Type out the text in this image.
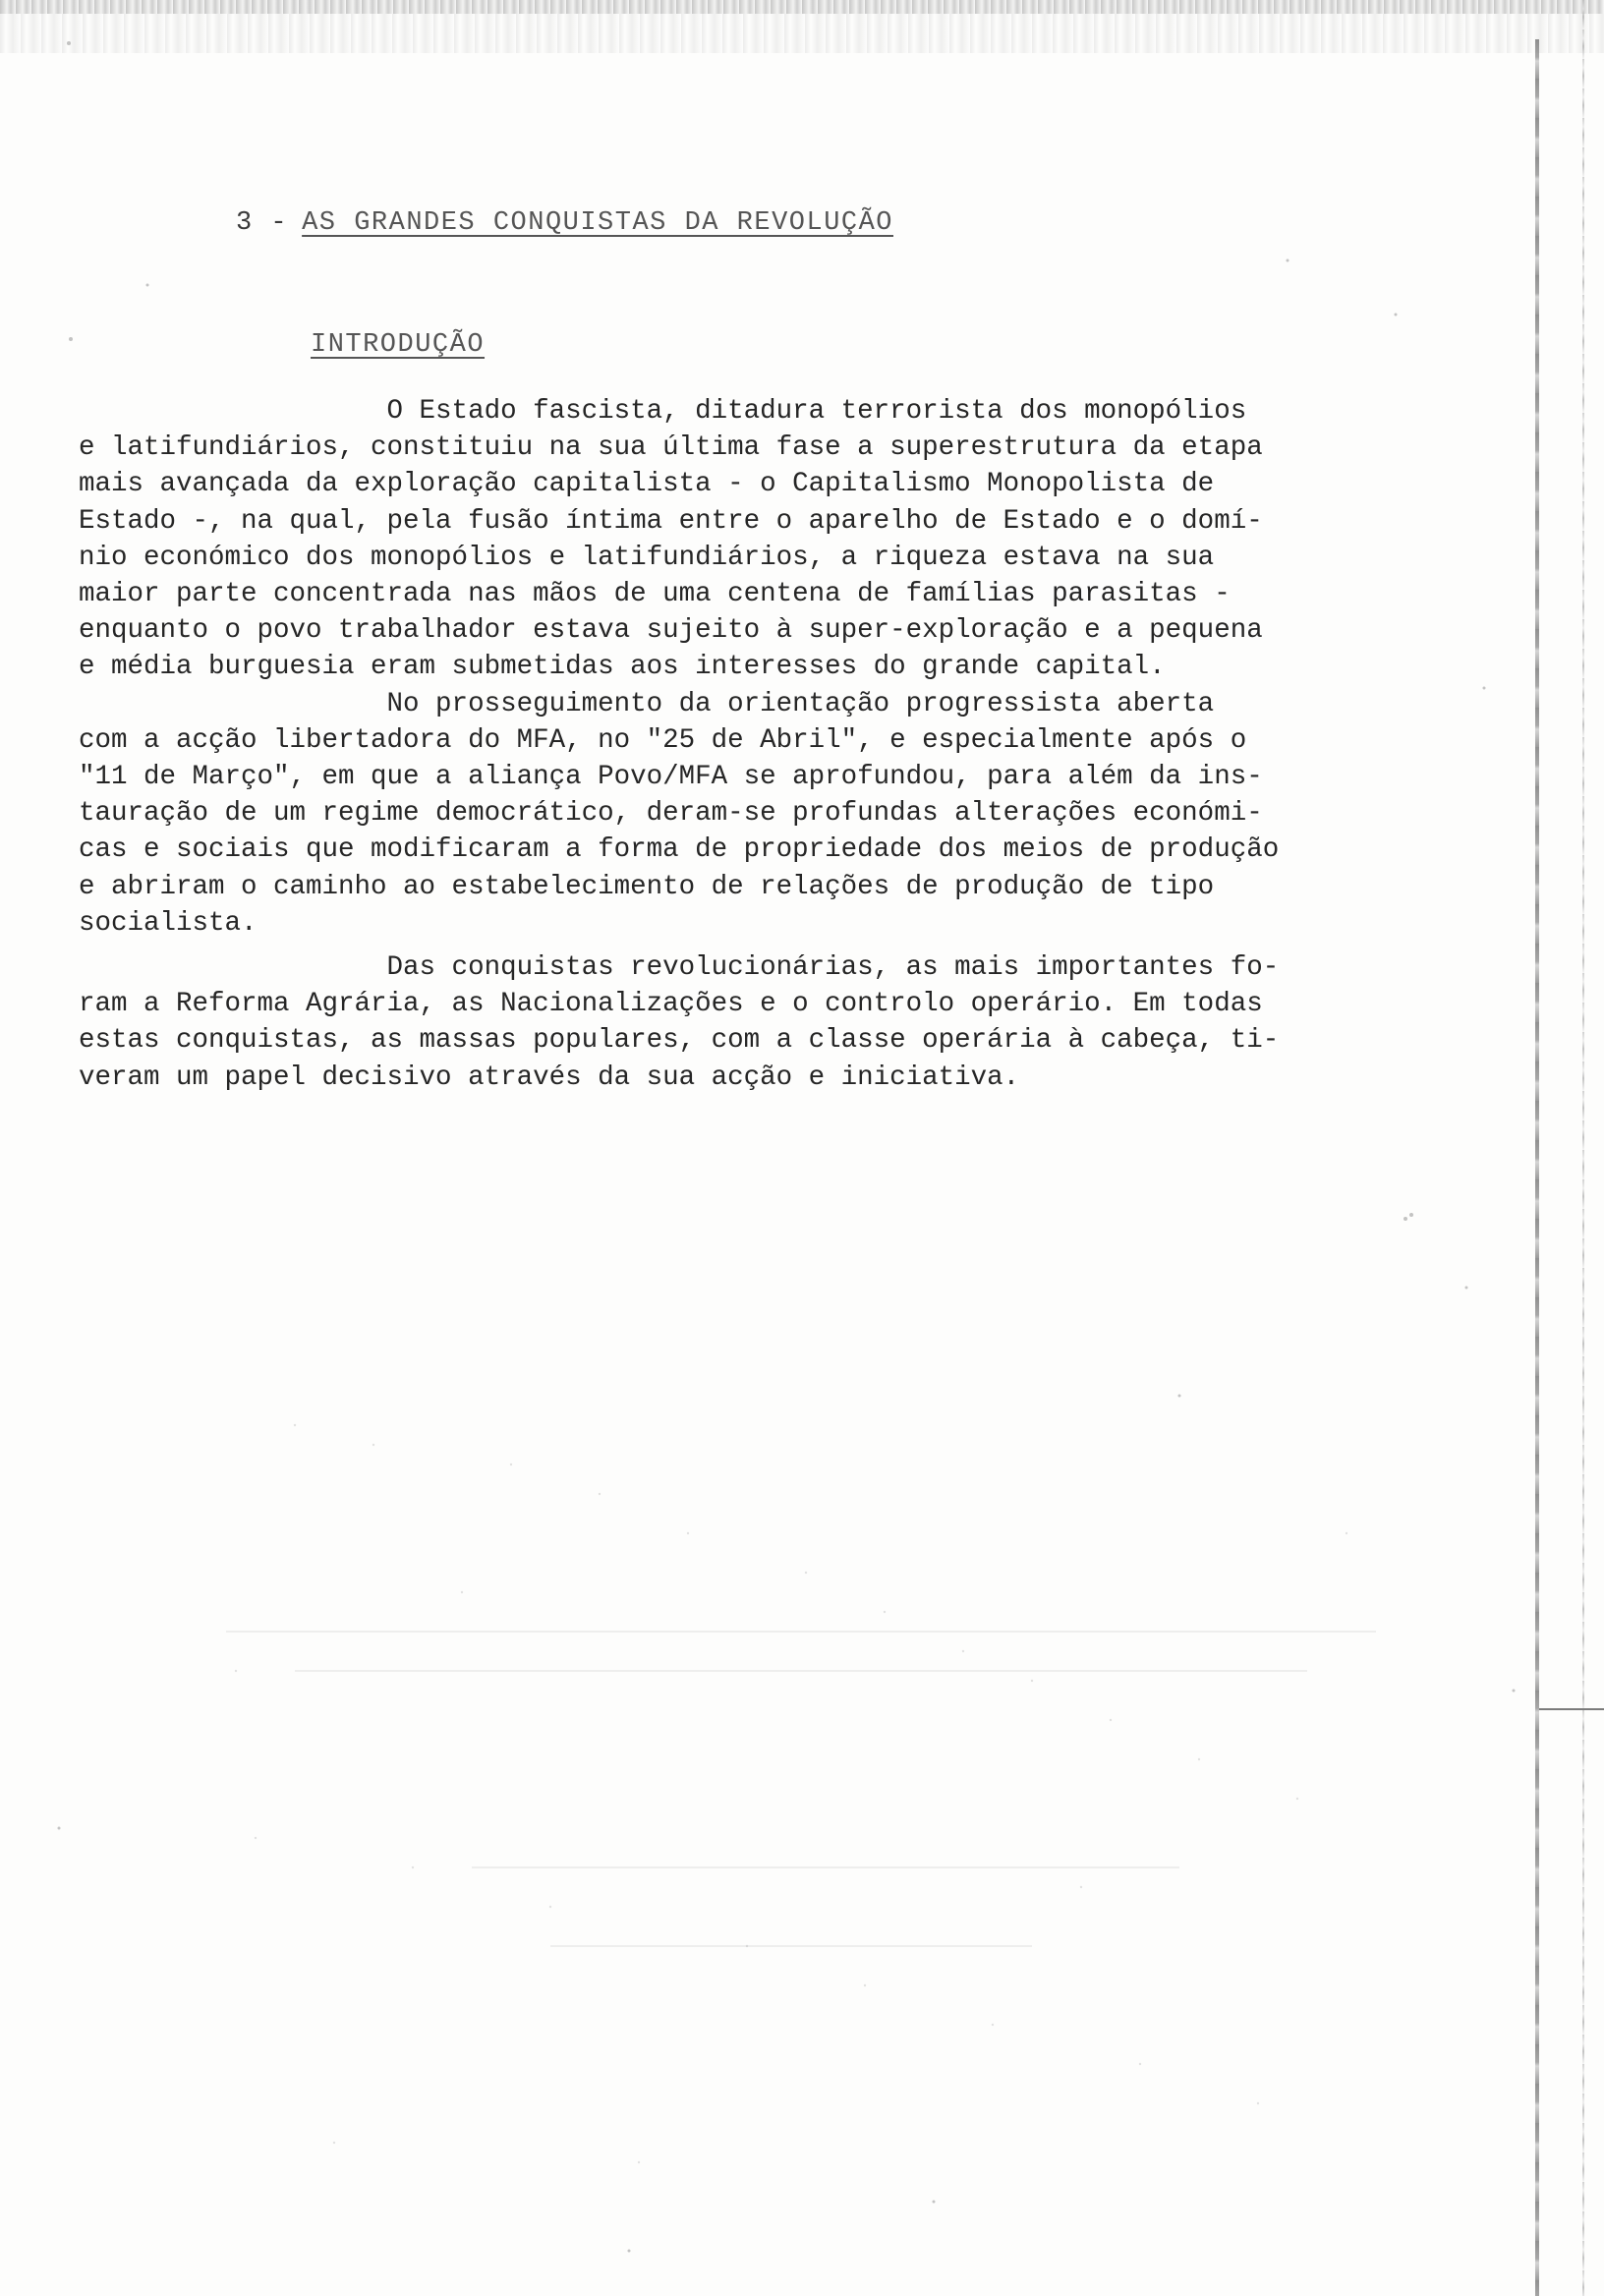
3 - AS GRANDES CONQUISTAS DA REVOLUÇÃO
INTRODUÇÃO
O Estado fascista, ditadura terrorista dos monopólios
e latifundiários, constituiu na sua última fase a superestrutura da etapa
mais avançada da exploração capitalista - o Capitalismo Monopolista de
Estado -, na qual, pela fusão íntima entre o aparelho de Estado e o domí-
nio económico dos monopólios e latifundiários, a riqueza estava na sua
maior parte concentrada nas mãos de uma centena de famílias parasitas -
enquanto o povo trabalhador estava sujeito à super-exploração e a pequena
e média burguesia eram submetidas aos interesses do grande capital.
No prosseguimento da orientação progressista aberta
com a acção libertadora do MFA, no "25 de Abril", e especialmente após o
"11 de Março", em que a aliança Povo/MFA se aprofundou, para além da ins-
tauração de um regime democrático, deram-se profundas alterações económi-
cas e sociais que modificaram a forma de propriedade dos meios de produção
e abriram o caminho ao estabelecimento de relações de produção de tipo
socialista.
Das conquistas revolucionárias, as mais importantes fo-
ram a Reforma Agrária, as Nacionalizações e o controlo operário. Em todas
estas conquistas, as massas populares, com a classe operária à cabeça, ti-
veram um papel decisivo através da sua acção e iniciativa.
